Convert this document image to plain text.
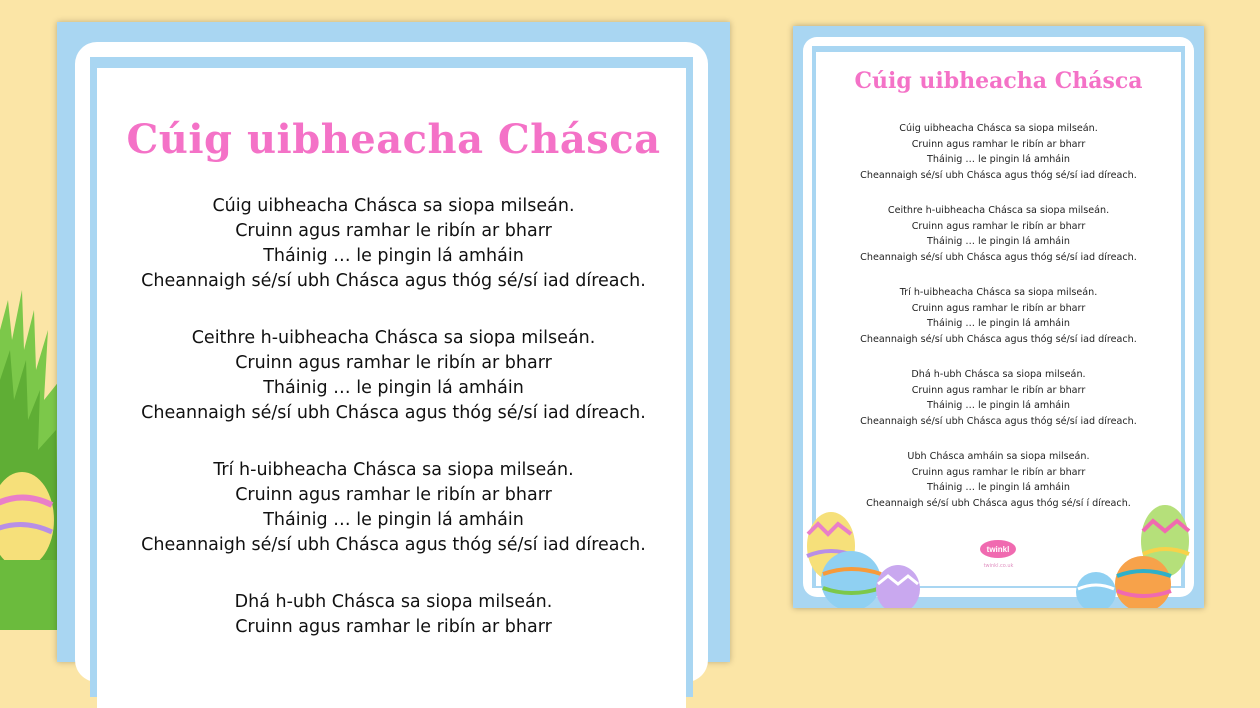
Cúig uibheacha Chásca
Cúig uibheacha Chásca sa siopa milseán.
Cruinn agus ramhar le ribín ar bharr
Tháinig … le pingin lá amháin
Cheannaigh sé/sí ubh Chásca agus thóg sé/sí iad díreach.
Ceithre h-uibheacha Chásca sa siopa milseán.
Cruinn agus ramhar le ribín ar bharr
Tháinig … le pingin lá amháin
Cheannaigh sé/sí ubh Chásca agus thóg sé/sí iad díreach.
Trí h-uibheacha Chásca sa siopa milseán.
Cruinn agus ramhar le ribín ar bharr
Tháinig … le pingin lá amháin
Cheannaigh sé/sí ubh Chásca agus thóg sé/sí iad díreach.
Dhá h-ubh Chásca sa siopa milseán.
Cruinn agus ramhar le ribín ar bharr
Cúig uibheacha Chásca
Cúig uibheacha Chásca sa siopa milseán.
Cruinn agus ramhar le ribín ar bharr
Tháinig … le pingin lá amháin
Cheannaigh sé/sí ubh Chásca agus thóg sé/sí iad díreach.
Ceithre h-uibheacha Chásca sa siopa milseán.
Cruinn agus ramhar le ribín ar bharr
Tháinig … le pingin lá amháin
Cheannaigh sé/sí ubh Chásca agus thóg sé/sí iad díreach.
Trí h-uibheacha Chásca sa siopa milseán.
Cruinn agus ramhar le ribín ar bharr
Tháinig … le pingin lá amháin
Cheannaigh sé/sí ubh Chásca agus thóg sé/sí iad díreach.
Dhá h-ubh Chásca sa siopa milseán.
Cruinn agus ramhar le ribín ar bharr
Tháinig … le pingin lá amháin
Cheannaigh sé/sí ubh Chásca agus thóg sé/sí iad díreach.
Ubh Chásca amháin sa siopa milseán.
Cruinn agus ramhar le ribín ar bharr
Tháinig … le pingin lá amháin
Cheannaigh sé/sí ubh Chásca agus thóg sé/sí í díreach.
twinkl
twinkl.co.uk
